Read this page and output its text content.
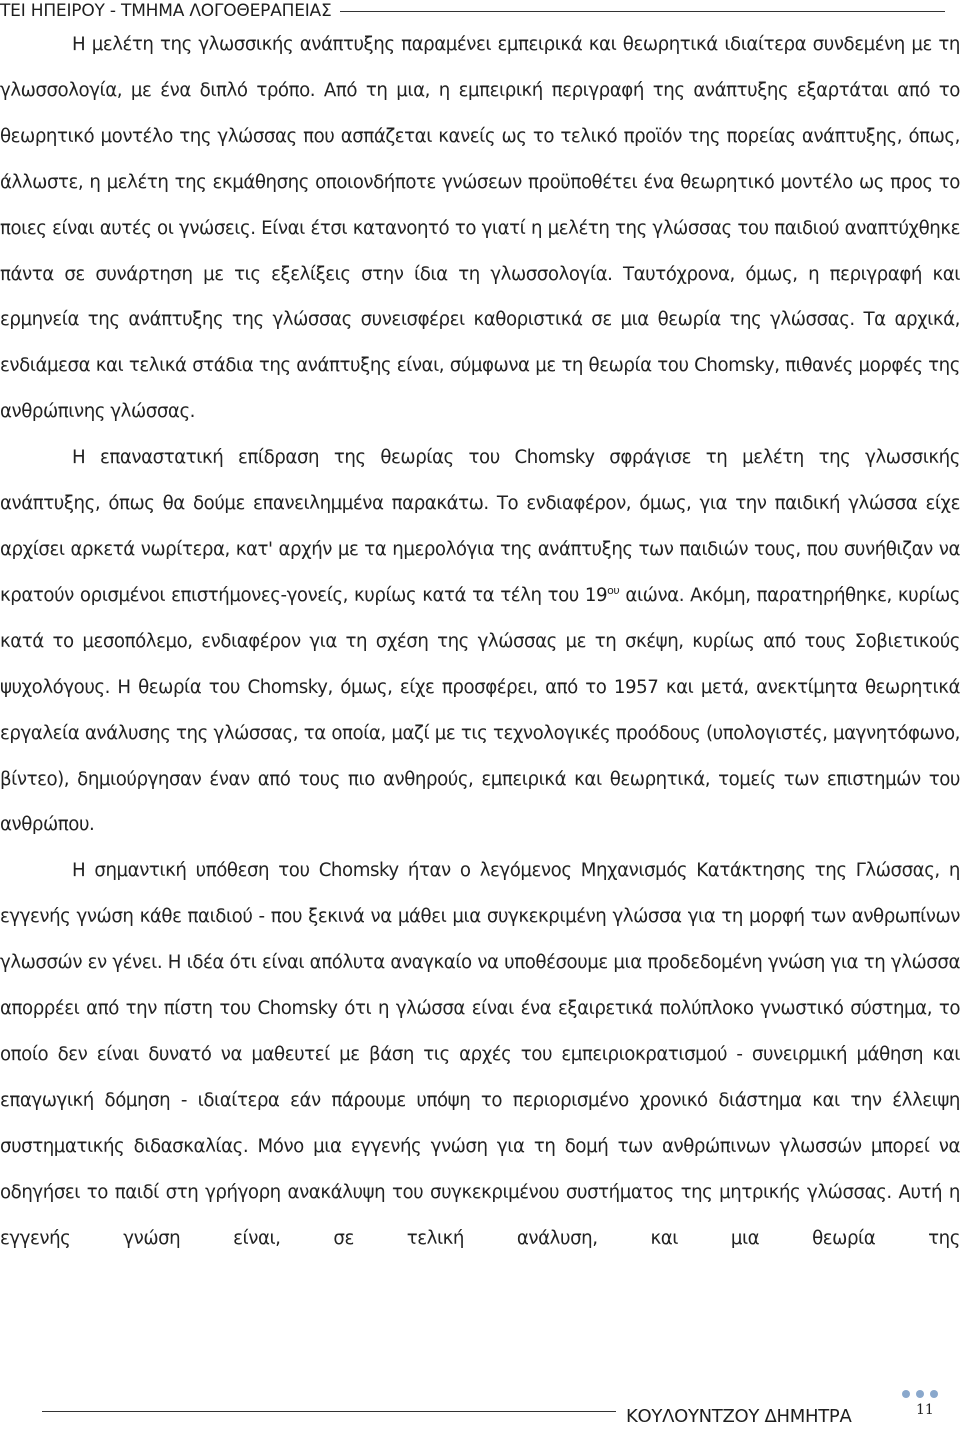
ΤΕΙ ΗΠΕΙΡΟΥ - ΤΜΗΜΑ ΛΟΓΟΘΕΡΑΠΕΙΑΣ

Η μελέτη της γλωσσικής ανάπτυξης παραμένει εμπειρικά και θεωρητικά ιδιαίτερα συνδεμένη με τη γλωσσολογία, με ένα διπλό τρόπο. Από τη μια, η εμπειρική περιγραφή της ανάπτυξης εξαρτάται από το θεωρητικό μοντέλο της γλώσσας που ασπάζεται κανείς ως το τελικό προϊόν της πορείας ανάπτυξης, όπως, άλλωστε, η μελέτη της εκμάθησης οποιονδήποτε γνώσεων προϋποθέτει ένα θεωρητικό μοντέλο ως προς το ποιες είναι αυτές οι γνώσεις. Είναι έτσι κατανοητό το γιατί η μελέτη της γλώσσας του παιδιού αναπτύχθηκε πάντα σε συνάρτηση με τις εξελίξεις στην ίδια τη γλωσσολογία. Ταυτόχρονα, όμως, η περιγραφή και ερμηνεία της ανάπτυξης της γλώσσας συνεισφέρει καθοριστικά σε μια θεωρία της γλώσσας. Τα αρχικά, ενδιάμεσα και τελικά στάδια της ανάπτυξης είναι, σύμφωνα με τη θεωρία του Chomsky, πιθανές μορφές της ανθρώπινης γλώσσας.

Η επαναστατική επίδραση της θεωρίας του Chomsky σφράγισε τη μελέτη της γλωσσικής ανάπτυξης, όπως θα δούμε επανειλημμένα παρακάτω. Το ενδιαφέρον, όμως, για την παιδική γλώσσα είχε αρχίσει αρκετά νωρίτερα, κατ' αρχήν με τα ημερολόγια της ανάπτυξης των παιδιών τους, που συνήθιζαν να κρατούν ορισμένοι επιστήμονες-γονείς, κυρίως κατά τα τέλη του $19^{o\upsilon}$ αιώνα. Ακόμη, παρατηρήθηκε, κυρίως κατά το μεσοπόλεμο, ενδιαφέρον για τη σχέση της γλώσσας με τη σκέψη, κυρίως από τους Σοβιετικούς ψυχολόγους. Η θεωρία του Chomsky, όμως, είχε προσφέρει, από το 1957 και μετά, ανεκτίμητα θεωρητικά εργαλεία ανάλυσης της γλώσσας, τα οποία, μαζί με τις τεχνολογικές προόδους (υπολογιστές, μαγνητόφωνο, βίντεο), δημιούργησαν έναν από τους πιο ανθηρούς, εμπειρικά και θεωρητικά, τομείς των επιστημών του ανθρώπου.

Η σημαντική υπόθεση του Chomsky ήταν ο λεγόμενος Μηχανισμός Κατάκτησης της Γλώσσας, η εγγενής γνώση κάθε παιδιού - που ξεκινά να μάθει μια συγκεκριμένη γλώσσα για τη μορφή των ανθρωπίνων γλωσσών εν γένει. Η ιδέα ότι είναι απόλυτα αναγκαίο να υποθέσουμε μια προδεδομένη γνώση για τη γλώσσα απορρέει από την πίστη του Chomsky ότι η γλώσσα είναι ένα εξαιρετικά πολύπλοκο γνωστικό σύστημα, το οποίο δεν είναι δυνατό να μαθευτεί με βάση τις αρχές του εμπειριοκρατισμού - συνειρμική μάθηση και επαγωγική δόμηση - ιδιαίτερα εάν πάρουμε υπόψη το περιορισμένο χρονικό διάστημα και την έλλειψη συστηματικής διδασκαλίας. Μόνο μια εγγενής γνώση για τη δομή των ανθρώπινων γλωσσών μπορεί να οδηγήσει το παιδί στη γρήγορη ανακάλυψη του συγκεκριμένου συστήματος της μητρικής γλώσσας. Αυτή η εγγενής γνώση είναι, σε τελική ανάλυση, και μια θεωρία της

ΚΟΥΛΟΥΝΤΖΟΥ ΔΗΜΗΤΡΑ	11
